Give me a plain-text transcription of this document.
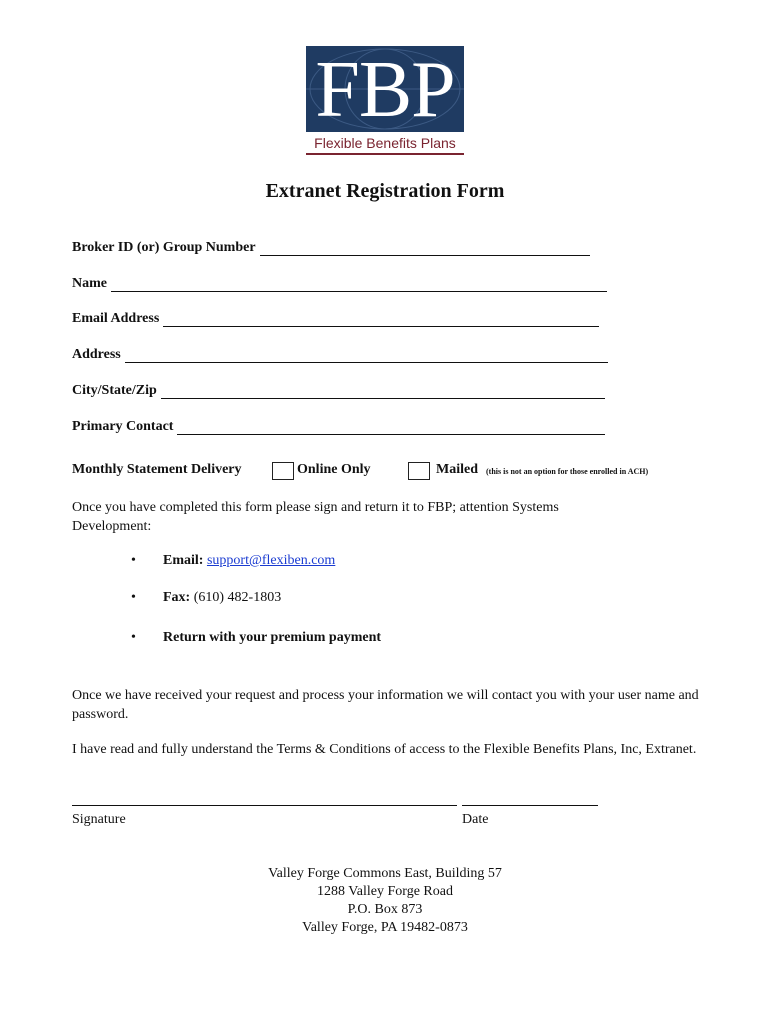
FBP
Flexible Benefits Plans
Extranet Registration Form
Broker ID (or) Group Number
Name
Email Address
Address
City/State/Zip
Primary Contact
Monthly Statement Delivery	Online Only	Mailed (this is not an option for those enrolled in ACH)
Once you have completed this form please sign and return it to FBP; attention Systems Development:
• Email: support@flexiben.com
• Fax: (610) 482-1803
• Return with your premium payment
Once we have received your request and process your information we will contact you with your user name and password.
I have read and fully understand the Terms & Conditions of access to the Flexible Benefits Plans, Inc, Extranet.
Signature	Date
Valley Forge Commons East, Building 57
1288 Valley Forge Road
P.O. Box 873
Valley Forge, PA 19482-0873
